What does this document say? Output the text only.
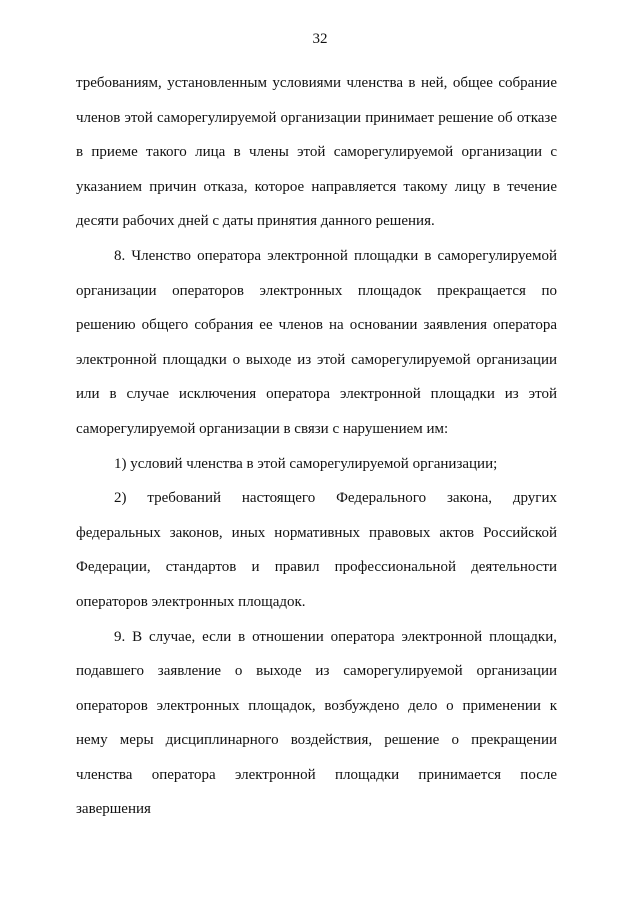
32

требованиям, установленным условиями членства в ней, общее собрание членов этой саморегулируемой организации принимает решение об отказе в приеме такого лица в члены этой саморегулируемой организации с указанием причин отказа, которое направляется такому лицу в течение десяти рабочих дней с даты принятия данного решения.

8. Членство оператора электронной площадки в саморегулируемой организации операторов электронных площадок прекращается по решению общего собрания ее членов на основании заявления оператора электронной площадки о выходе из этой саморегулируемой организации или в случае исключения оператора электронной площадки из этой саморегулируемой организации в связи с нарушением им:

1) условий членства в этой саморегулируемой организации;

2) требований настоящего Федерального закона, других федеральных законов, иных нормативных правовых актов Российской Федерации, стандартов и правил профессиональной деятельности операторов электронных площадок.

9. В случае, если в отношении оператора электронной площадки, подавшего заявление о выходе из саморегулируемой организации операторов электронных площадок, возбуждено дело о применении к нему меры дисциплинарного воздействия, решение о прекращении членства оператора электронной площадки принимается после завершения
